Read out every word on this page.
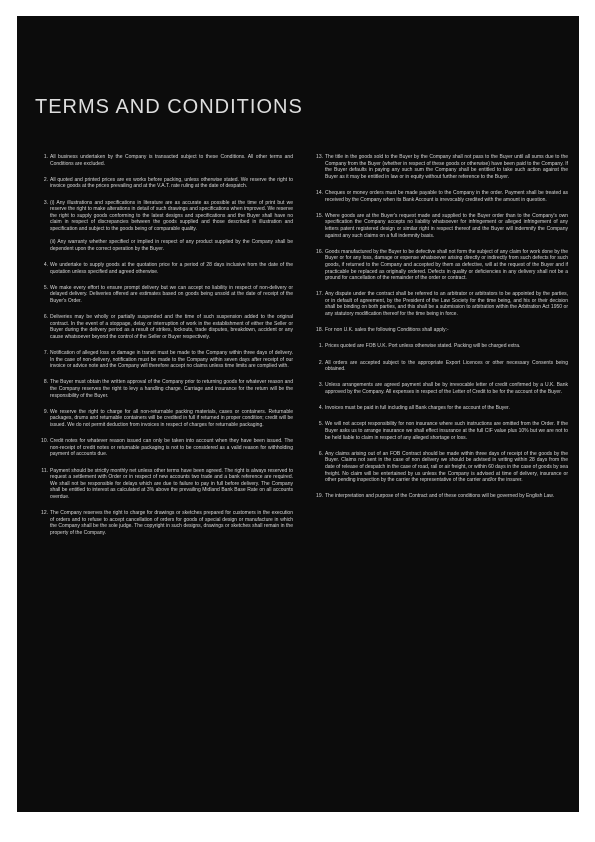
TERMS AND CONDITIONS
1. All business undertaken by the Company is transacted subject to these Conditions. All other terms and Conditions are excluded.

2. All quoted and printed prices are ex works before packing, unless otherwise stated. We reserve the right to invoice goods at the prices prevailing and at the V.A.T. rate ruling at the date of despatch.

3. (i) Any illustrations and specifications in literature are as accurate as possible at the time of print but we reserve the right to make alterations in detail of such drawings and specifications when improved. We reserve the right to supply goods conforming to the latest designs and specifications and the Buyer shall have no claim in respect of discrepancies between the goods supplied and those described in illustration and specification and subject to the goods being of comparable quality.

(ii) Any warranty whether specified or implied in respect of any product supplied by the Company shall be dependent upon the correct operation by the Buyer.

4. We undertake to supply goods at the quotation price for a period of 28 days inclusive from the date of the quotation unless specified and agreed otherwise.

5. We make every effort to ensure prompt delivery but we can accept no liability in respect of non-delivery or delayed delivery. Deliveries offered are estimates based on goods being unsold at the date of receipt of the Buyer's Order.

6. Deliveries may be wholly or partially suspended and the time of such suspension added to the original contract. In the event of a stoppage, delay or interruption of work in the establishment of either the Seller or Buyer during the delivery period as a result of strikes, lockouts, trade disputes, breakdown, accident or any cause whatsoever beyond the control of the Seller or Buyer respectively.

7. Notification of alleged loss or damage in transit must be made to the Company within three days of delivery. In the case of non-delivery, notification must be made to the Company within seven days after receipt of our invoice or advice note and the Company will therefore accept no claims unless time limits are complied with.

8. The Buyer must obtain the written approval of the Company prior to returning goods for whatever reason and the Company reserves the right to levy a handling charge. Carriage and insurance for the return will be the responsibility of the Buyer.

9. We reserve the right to charge for all non-returnable packing materials, cases or containers. Returnable packages, drums and returnable containers will be credited in full if returned in proper condition; credit will be issued. We do not permit deduction from invoices in respect of charges for returnable packaging.

10. Credit notes for whatever reason issued can only be taken into account when they have been issued. The non-receipt of credit notes or returnable packaging is not to be considered as a valid reason for withholding payment of accounts due.

11. Payment should be strictly monthly net unless other terms have been agreed. The right is always reserved to request a settlement with Order or in respect of new accounts two trade and a bank reference are required. We shall not be responsible for delays which are due to failure to pay in full before delivery. The Company shall be entitled to interest as calculated at 3% above the prevailing Midland Bank Base Rate on all accounts overdue.

12. The Company reserves the right to charge for drawings or sketches prepared for customers in the execution of orders and to refuse to accept cancellation of orders for goods of special design or manufacture in which the Company shall be the sole judge. The copyright in such designs, drawings or sketches shall remain in the property of the Company.

13. The title in the goods sold to the Buyer by the Company shall not pass to the Buyer until all sums due to the Company from the Buyer (whether in respect of these goods or otherwise) have been paid to the Company. If the Buyer defaults in paying any such sum the Company shall be entitled to take such action against the Buyer as it may be entitled in law or in equity without further reference to the Buyer.

14. Cheques or money orders must be made payable to the Company in the order. Payment shall be treated as received by the Company when its Bank Account is irrevocably credited with the amount in question.

15. Where goods are at the Buyer's request made and supplied to the Buyer order than to the Company's own specification the Company accepts no liability whatsoever for infringement or alleged infringement of any letters patent registered design or similar right in respect thereof and the Buyer will indemnify the Company against any such claims on a full indemnity basis.

16. Goods manufactured by the Buyer to be defective shall not form the subject of any claim for work done by the Buyer or for any loss, damage or expense whatsoever arising directly or indirectly from such defects for such goods, if returned to the Company and accepted by them as defective, will at the request of the Buyer and if practicable be replaced as originally ordered. Defects in quality or deficiencies in any delivery shall not be a ground for cancellation of the remainder of the order or contract.

17. Any dispute under the contract shall be referred to an arbitrator or arbitrators to be appointed by the parties, or in default of agreement, by the President of the Law Society for the time being, and his or their decision shall be binding on both parties, and this shall be a submission to arbitration within the Arbitration Act 1950 or any statutory modification thereof for the time being in force.

18. For non U.K. sales the following Conditions shall apply:-

1. Prices quoted are FOB U.K. Port unless otherwise stated. Packing will be charged extra.

2. All orders are accepted subject to the appropriate Export Licences or other necessary Consents being obtained.

3. Unless arrangements are agreed payment shall be by irrevocable letter of credit confirmed by a U.K. Bank approved by the Company. All expenses in respect of the Letter of Credit to be for the account of the Buyer.

4. Invoices must be paid in full including all Bank charges for the account of the Buyer.

5. We will not accept responsibility for non insurance where such instructions are omitted from the Order. If the Buyer asks us to arrange insurance we shall effect insurance at the full CIF value plus 10% but we are not to be held liable to claim in respect of any alleged shortage or loss.

6. Any claims arising out of an FOB Contract should be made within three days of receipt of the goods by the Buyer. Claims not sent in the case of non delivery we should be advised in writing within 28 days from the date of release of despatch in the case of road, rail or air freight, or within 60 days in the case of goods by sea freight. No claim will be entertained by us unless the Company is advised at time of delivery, insurance or other pending inspection by the carrier the representative of the carrier and/or the insurer.

19. The interpretation and purpose of the Contract and of these conditions will be governed by English Law.
